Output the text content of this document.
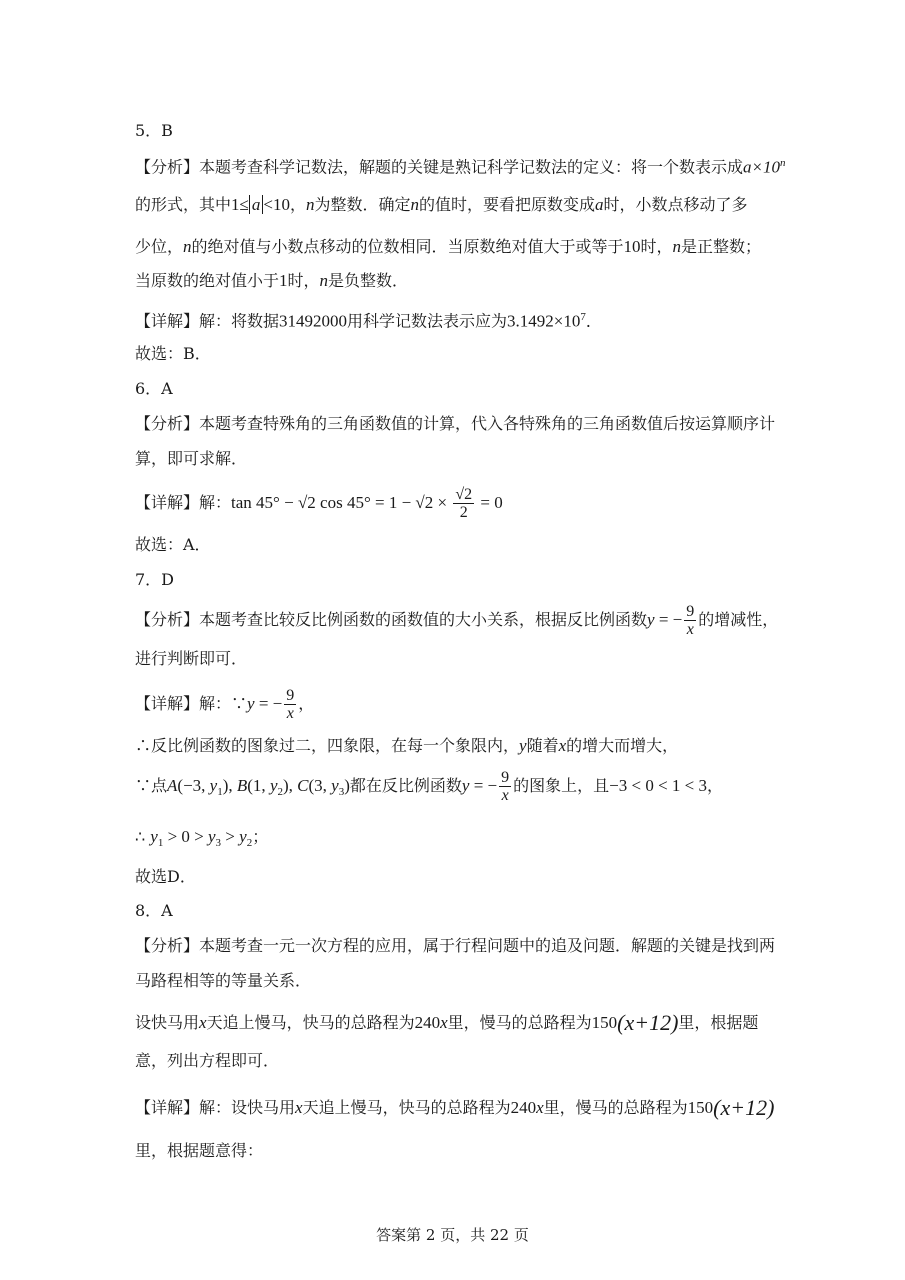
5．B
【分析】本题考查科学记数法，解题的关键是熟记科学记数法的定义：将一个数表示成$a\times 10^n$
的形式，其中1≤ a <10，n为整数．确定n的值时，要看把原数变成a时，小数点移动了多
少位，n的绝对值与小数点移动的位数相同．当原数绝对值大于或等于10时，n是正整数；
当原数的绝对值小于1时，n是负整数．
【详解】解：将数据31492000用科学记数法表示应为$3.1492\times 10^7$．
故选：B．
6．A
【分析】本题考查特殊角的三角函数值的计算，代入各特殊角的三角函数值后按运算顺序计
算，即可求解．
【详解】解：tan 45° − √2 $\cos 45^\circ = 1 - √2 \times \frac{√2}{2} = 0$
故选：A．
7．D
【分析】本题考查比较反比例函数的函数值的大小关系，根据反比例函数y = − $\frac{9}{x}$ 的增减性，
进行判断即可．
【详解】解：∵y = − $\frac{9}{x}$ ，
∴反比例函数的图象过二，四象限，在每一个象限内，y随着x的增大而增大，
∵点A(−3, $y_1$), B(1, $y_2$), C(3, $y_3$)都在反比例函数y = − $\frac{9}{x}$ 的图象上，且−3 < 0 < 1 < 3，
∴ $y_1 > 0 > y_3 > y_2$；
故选D．
8．A
【分析】本题考查一元一次方程的应用，属于行程问题中的追及问题．解题的关键是找到两
马路程相等的等量关系．
设快马用x天追上慢马，快马的总路程为240x里，慢马的总路程为150(x+12)里，根据题
意，列出方程即可．
【详解】解：设快马用x天追上慢马，快马的总路程为240x里，慢马的总路程为150(x+12)
里，根据题意得：
答案第 2 页，共 22 页
